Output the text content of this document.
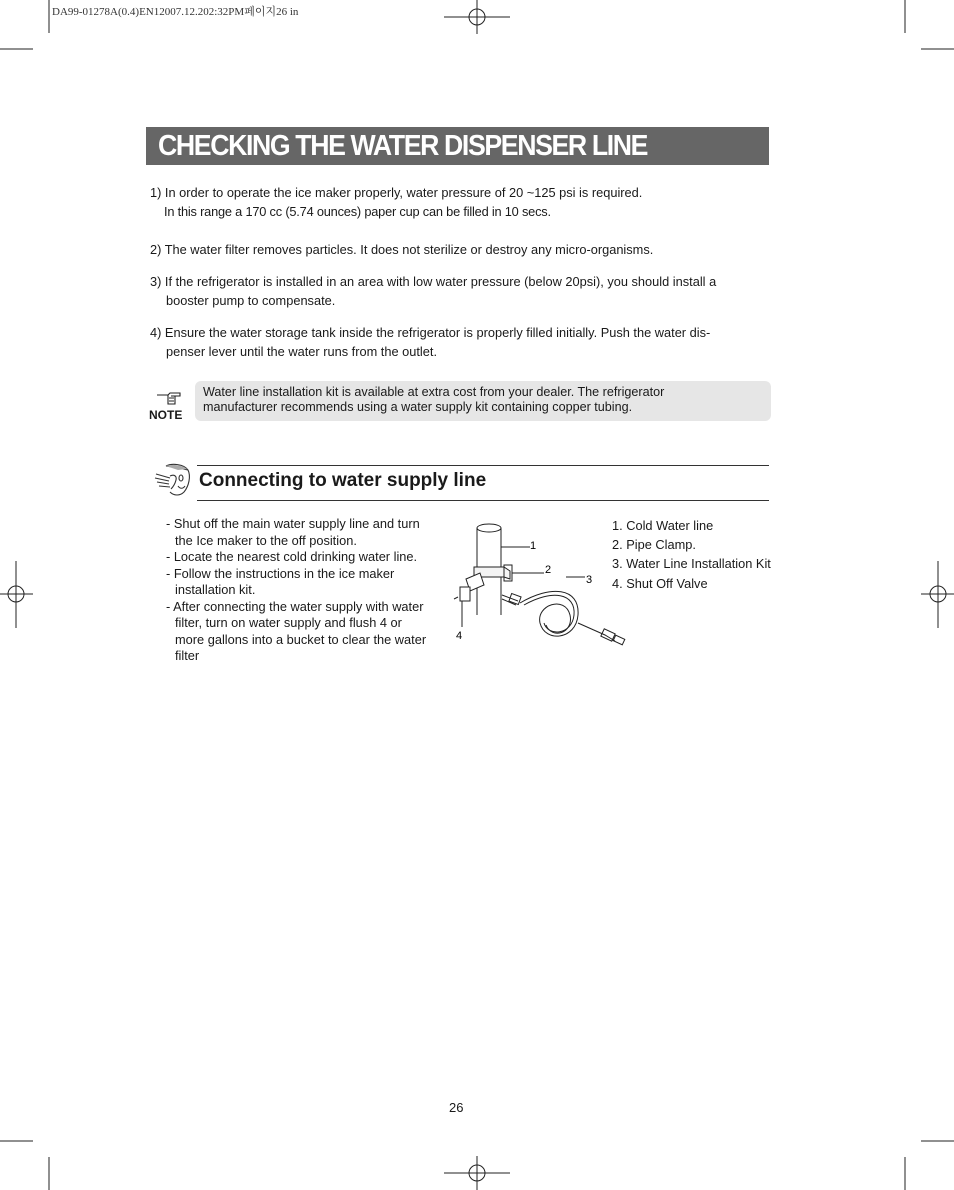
DA99-01278A(0.4)EN12007.12.202:32PM페이지26 in
CHECKING THE WATER DISPENSER LINE
1) In order to operate the ice maker properly, water pressure of 20 ~125 psi is required.
In this range a 170 cc (5.74 ounces) paper cup can be filled in 10 secs.
2) The water filter removes particles. It does not sterilize or destroy any micro-organisms.
3) If the refrigerator is installed in an area with low water pressure (below 20psi), you should install a
booster pump to compensate.
4) Ensure the water storage tank inside the refrigerator is properly filled initially. Push the water dis-
penser lever until the water runs from the outlet.
NOTE
Water line installation kit is available at extra cost from your dealer. The refrigerator
manufacturer recommends using a water supply kit containing copper tubing.
Connecting to water supply line
- Shut off the main water supply line and turn
the Ice maker to the off position.
- Locate the nearest cold drinking water line.
- Follow the instructions in the ice maker
installation kit.
- After connecting the water supply with water
filter, turn on water supply and flush 4 or
more gallons into a bucket to clear the water
filter
1
2
3
4
1. Cold Water line
2. Pipe Clamp.
3. Water Line Installation Kit
4. Shut Off Valve
26
